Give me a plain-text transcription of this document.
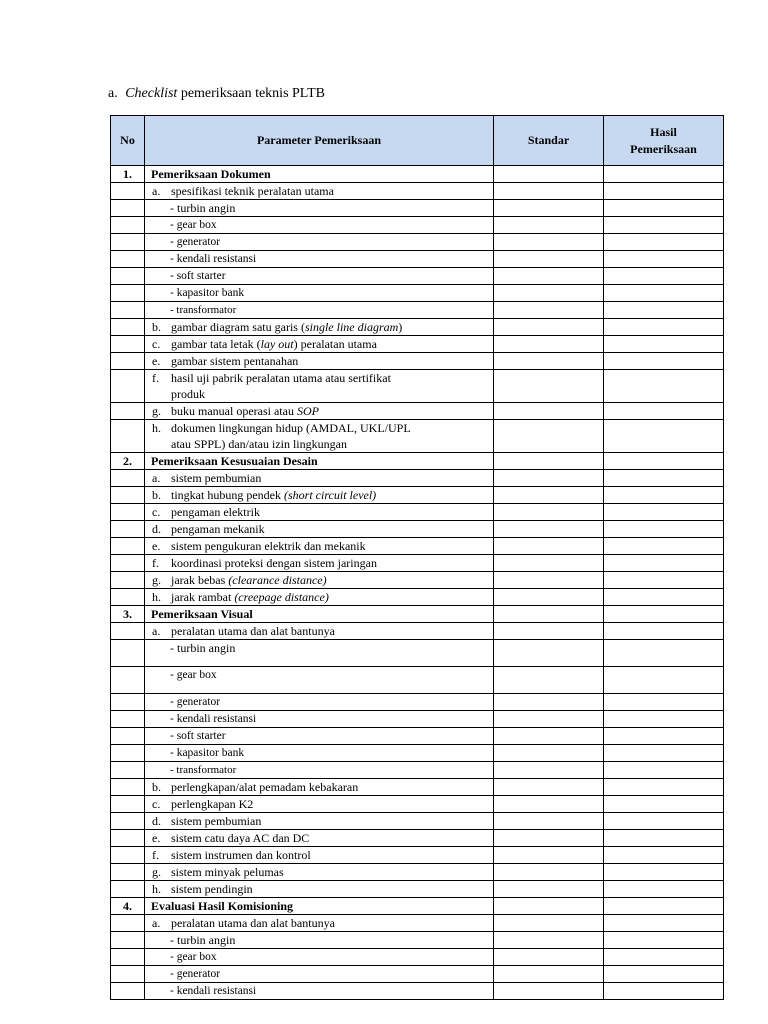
a. Checklist pemeriksaan teknis PLTB
No	Parameter Pemeriksaan	Standar	Hasil
Pemeriksaan
1.	Pemeriksaan Dokumen		

	a. spesifikasi teknik peralatan utama		

	- turbin angin		
	- gear box		
	- generator		
	- kendali resistansi		
	- soft starter		
	- kapasitor bank		
	- transformator		

	b. gambar diagram satu garis (single line diagram)		

	c. gambar tata letak (lay out) peralatan utama		

	e. gambar sistem pentanahan		

	f. hasil uji pabrik peralatan utama atau sertifikat
produk		

	g. buku manual operasi atau SOP		

	h. dokumen lingkungan hidup (AMDAL, UKL/UPL
atau SPPL) dan/atau izin lingkungan		

2.	Pemeriksaan Kesusuaian Desain		

	a. sistem pembumian		

	b. tingkat hubung pendek (short circuit level)		

	c. pengaman elektrik		

	d. pengaman mekanik		

	e. sistem pengukuran elektrik dan mekanik		

	f. koordinasi proteksi dengan sistem jaringan		

	g. jarak bebas (clearance distance)		

	h. jarak rambat (creepage distance)		

3.	Pemeriksaan Visual		

	a. peralatan utama dan alat bantunya		

	- turbin angin		
	- gear box		
	- generator		
	- kendali resistansi		
	- soft starter		
	- kapasitor bank		
	- transformator		

	b. perlengkapan/alat pemadam kebakaran		

	c. perlengkapan K2		

	d. sistem pembumian		

	e. sistem catu daya AC dan DC		

	f. sistem instrumen dan kontrol		

	g. sistem minyak pelumas		

	h. sistem pendingin		

4.	Evaluasi Hasil Komisioning		

	a. peralatan utama dan alat bantunya		

	- turbin angin		
	- gear box		
	- generator		
	- kendali resistansi		
